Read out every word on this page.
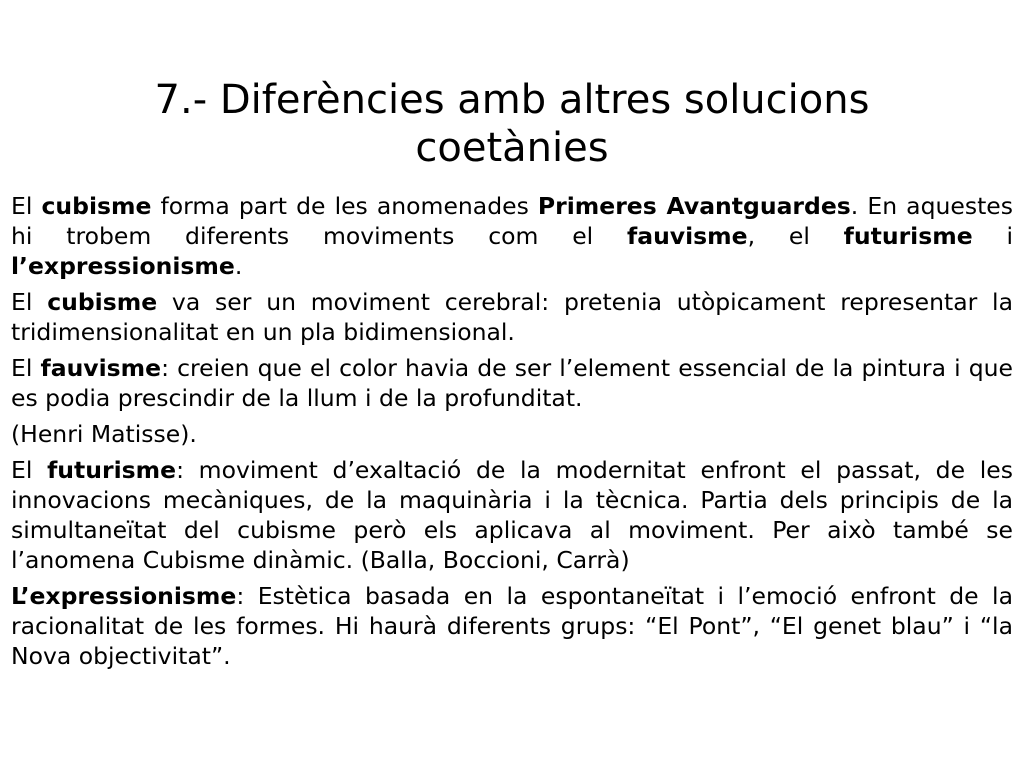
7.- Diferències amb altres solucions coetànies

El cubisme forma part de les anomenades Primeres Avantguardes. En aquestes hi trobem diferents moviments com el fauvisme, el futurisme i l’expressionisme.

El cubisme va ser un moviment cerebral: pretenia utòpicament representar la tridimensionalitat en un pla bidimensional.

El fauvisme: creien que el color havia de ser l’element essencial de la pintura i que es podia prescindir de la llum i de la profunditat.

(Henri Matisse).

El futurisme: moviment d’exaltació de la modernitat enfront el passat, de les innovacions mecàniques, de la maquinària i la tècnica. Partia dels principis de la simultaneïtat del cubisme però els aplicava al moviment. Per això també se l’anomena Cubisme dinàmic. (Balla, Boccioni, Carrà)

L’expressionisme: Estètica basada en la espontaneïtat i l’emoció enfront de la racionalitat de les formes. Hi haurà diferents grups: “El Pont”, “El genet blau” i “la Nova objectivitat”.
